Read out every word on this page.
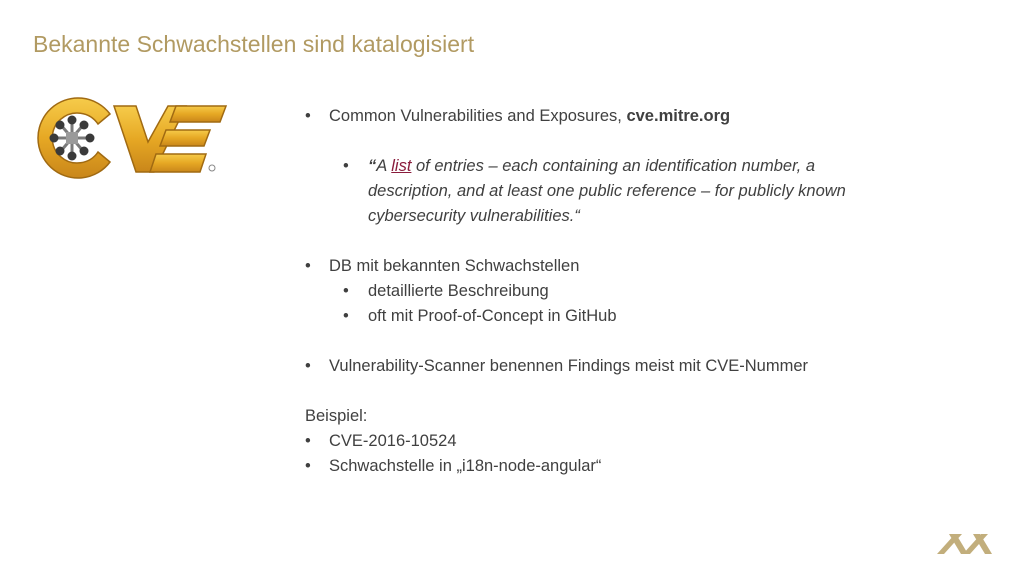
Bekannte Schwachstellen sind katalogisiert
• Common Vulnerabilities and Exposures, cve.mitre.org
• “A list of entries – each containing an identification number, a
description, and at least one public reference – for publicly known
cybersecurity vulnerabilities.“
• DB mit bekannten Schwachstellen
• detaillierte Beschreibung
• oft mit Proof-of-Concept in GitHub
• Vulnerability-Scanner benennen Findings meist mit CVE-Nummer
Beispiel:
• CVE-2016-10524
• Schwachstelle in „i18n-node-angular“
